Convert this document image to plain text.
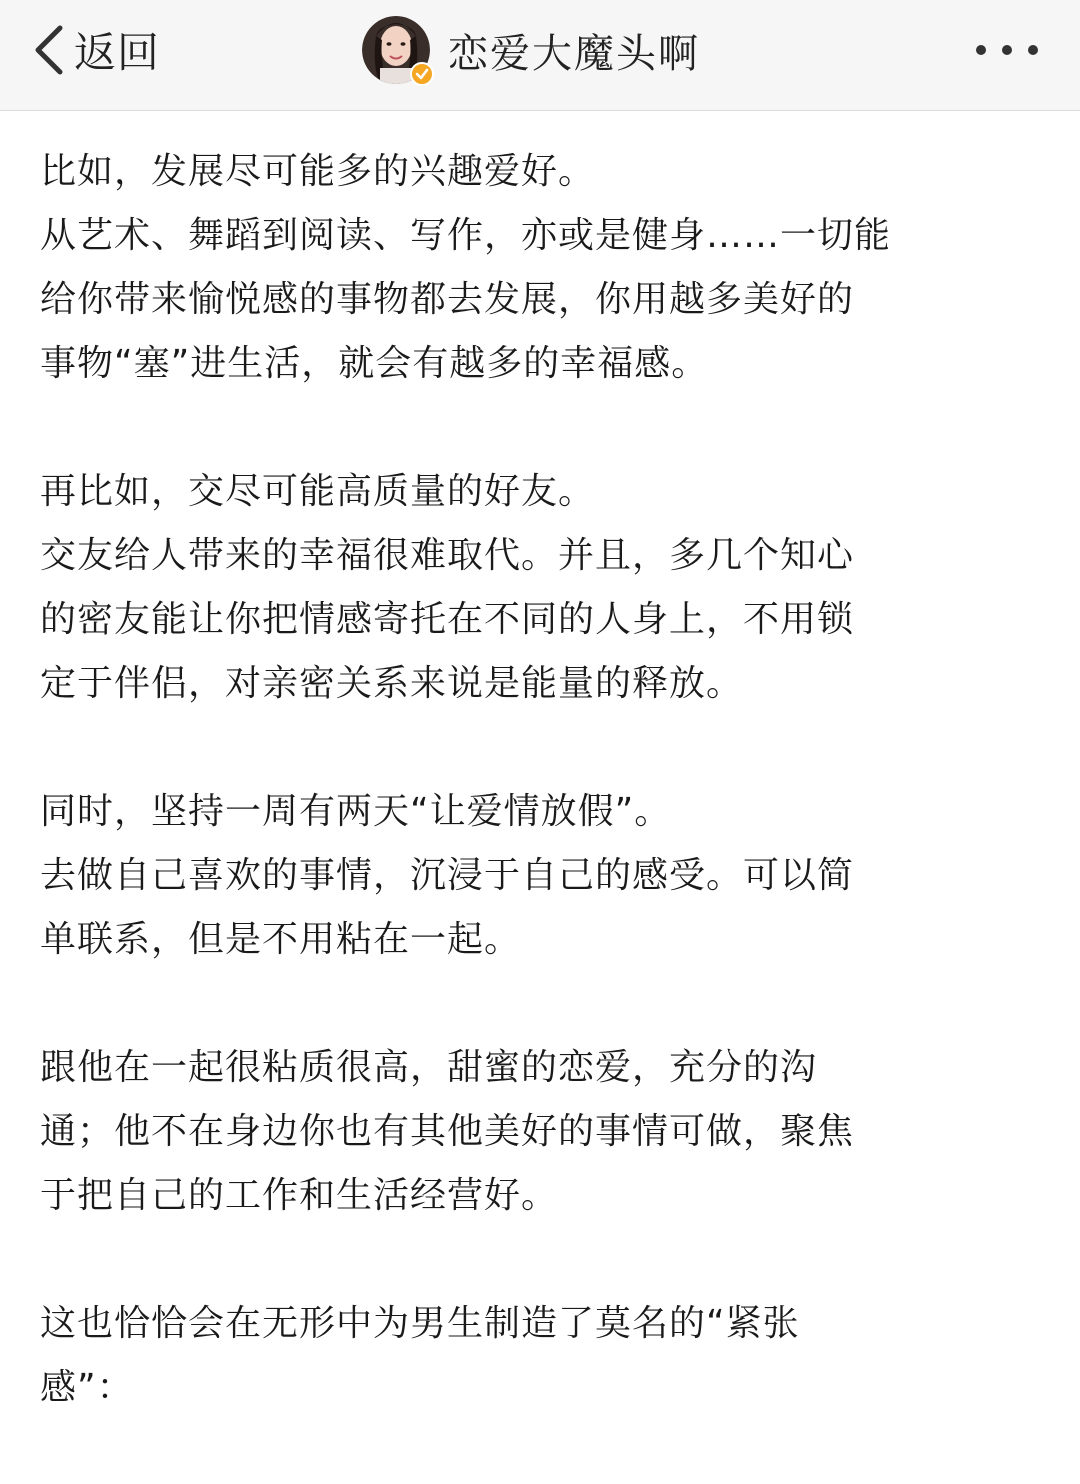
返回	恋爱大魔头啊
比如，发展尽可能多的兴趣爱好。
从艺术、舞蹈到阅读、写作，亦或是健身……一切能
给你带来愉悦感的事物都去发展，你用越多美好的
事物“塞”进生活，就会有越多的幸福感。
再比如，交尽可能高质量的好友。
交友给人带来的幸福很难取代。并且，多几个知心
的密友能让你把情感寄托在不同的人身上，不用锁
定于伴侣，对亲密关系来说是能量的释放。
同时，坚持一周有两天“让爱情放假”。
去做自己喜欢的事情，沉浸于自己的感受。可以简
单联系，但是不用粘在一起。
跟他在一起很粘质很高，甜蜜的恋爱，充分的沟
通；他不在身边你也有其他美好的事情可做，聚焦
于把自己的工作和生活经营好。
这也恰恰会在无形中为男生制造了莫名的“紧张
感”：
